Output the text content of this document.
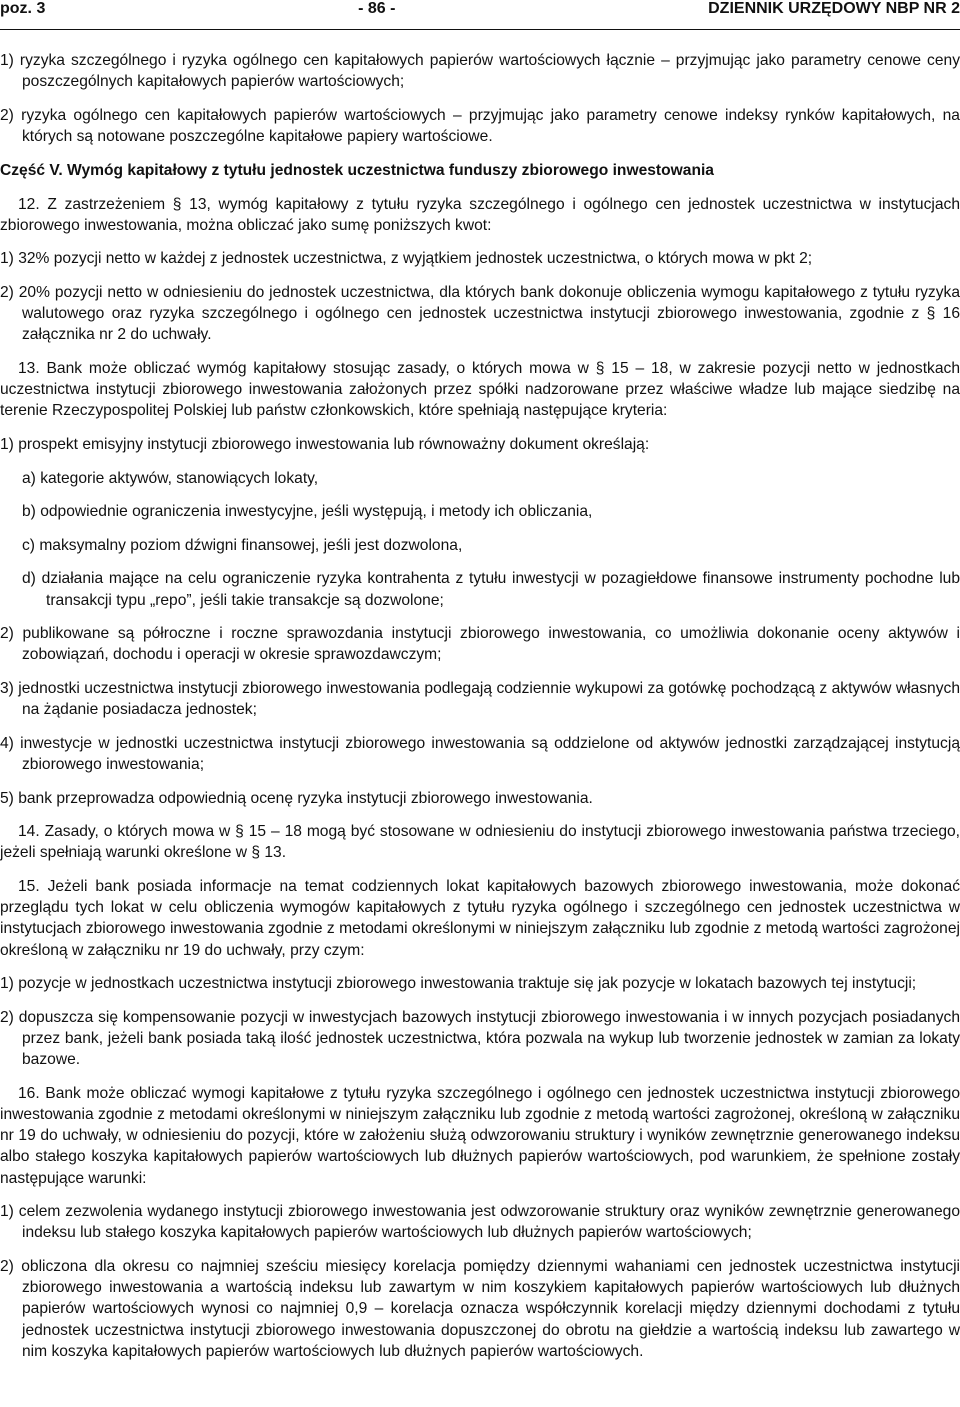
poz. 3	- 86 -	DZIENNIK URZĘDOWY NBP NR 2

1) ryzyka szczególnego i ryzyka ogólnego cen kapitałowych papierów wartościowych łącznie – przyjmując jako parametry cenowe ceny poszczególnych kapitałowych papierów wartościowych;

2) ryzyka ogólnego cen kapitałowych papierów wartościowych – przyjmując jako parametry cenowe indeksy rynków kapitałowych, na których są notowane poszczególne kapitałowe papiery wartościowe.

Część V. Wymóg kapitałowy z tytułu jednostek uczestnictwa funduszy zbiorowego inwestowania

12. Z zastrzeżeniem § 13, wymóg kapitałowy z tytułu ryzyka szczególnego i ogólnego cen jednostek uczestnictwa w instytucjach zbiorowego inwestowania, można obliczać jako sumę poniższych kwot:

1) 32% pozycji netto w każdej z jednostek uczestnictwa, z wyjątkiem jednostek uczestnictwa, o których mowa w pkt 2;

2) 20% pozycji netto w odniesieniu do jednostek uczestnictwa, dla których bank dokonuje obliczenia wymogu kapitałowego z tytułu ryzyka walutowego oraz ryzyka szczególnego i ogólnego cen jednostek uczestnictwa instytucji zbiorowego inwestowania, zgodnie z § 16 załącznika nr 2 do uchwały.

13. Bank może obliczać wymóg kapitałowy stosując zasady, o których mowa w § 15 – 18, w zakresie pozycji netto w jednostkach uczestnictwa instytucji zbiorowego inwestowania założonych przez spółki nadzorowane przez właściwe władze lub mające siedzibę na terenie Rzeczypospolitej Polskiej lub państw członkowskich, które spełniają następujące kryteria:

1) prospekt emisyjny instytucji zbiorowego inwestowania lub równoważny dokument określają:

a) kategorie aktywów, stanowiących lokaty,

b) odpowiednie ograniczenia inwestycyjne, jeśli występują, i metody ich obliczania,

c) maksymalny poziom dźwigni finansowej, jeśli jest dozwolona,

d) działania mające na celu ograniczenie ryzyka kontrahenta z tytułu inwestycji w pozagiełdowe finansowe instrumenty pochodne lub transakcji typu „repo”, jeśli takie transakcje są dozwolone;

2) publikowane są półroczne i roczne sprawozdania instytucji zbiorowego inwestowania, co umożliwia dokonanie oceny aktywów i zobowiązań, dochodu i operacji w okresie sprawozdawczym;

3) jednostki uczestnictwa instytucji zbiorowego inwestowania podlegają codziennie wykupowi za gotówkę pochodzącą z aktywów własnych na żądanie posiadacza jednostek;

4) inwestycje w jednostki uczestnictwa instytucji zbiorowego inwestowania są oddzielone od aktywów jednostki zarządzającej instytucją zbiorowego inwestowania;

5) bank przeprowadza odpowiednią ocenę ryzyka instytucji zbiorowego inwestowania.

14. Zasady, o których mowa w § 15 – 18 mogą być stosowane w odniesieniu do instytucji zbiorowego inwestowania państwa trzeciego, jeżeli spełniają warunki określone w § 13.

15. Jeżeli bank posiada informacje na temat codziennych lokat kapitałowych bazowych zbiorowego inwestowania, może dokonać przeglądu tych lokat w celu obliczenia wymogów kapitałowych z tytułu ryzyka ogólnego i szczególnego cen jednostek uczestnictwa w instytucjach zbiorowego inwestowania zgodnie z metodami określonymi w niniejszym załączniku lub zgodnie z metodą wartości zagrożonej określoną w załączniku nr 19 do uchwały, przy czym:

1) pozycje w jednostkach uczestnictwa instytucji zbiorowego inwestowania traktuje się jak pozycje w lokatach bazowych tej instytucji;

2) dopuszcza się kompensowanie pozycji w inwestycjach bazowych instytucji zbiorowego inwestowania i w innych pozycjach posiadanych przez bank, jeżeli bank posiada taką ilość jednostek uczestnictwa, która pozwala na wykup lub tworzenie jednostek w zamian za lokaty bazowe.

16. Bank może obliczać wymogi kapitałowe z tytułu ryzyka szczególnego i ogólnego cen jednostek uczestnictwa instytucji zbiorowego inwestowania zgodnie z metodami określonymi w niniejszym załączniku lub zgodnie z metodą wartości zagrożonej, określoną w załączniku nr 19 do uchwały, w odniesieniu do pozycji, które w założeniu służą odwzorowaniu struktury i wyników zewnętrznie generowanego indeksu albo stałego koszyka kapitałowych papierów wartościowych lub dłużnych papierów wartościowych, pod warunkiem, że spełnione zostały następujące warunki:

1) celem zezwolenia wydanego instytucji zbiorowego inwestowania jest odwzorowanie struktury oraz wyników zewnętrznie generowanego indeksu lub stałego koszyka kapitałowych papierów wartościowych lub dłużnych papierów wartościowych;

2) obliczona dla okresu co najmniej sześciu miesięcy korelacja pomiędzy dziennymi wahaniami cen jednostek uczestnictwa instytucji zbiorowego inwestowania a wartością indeksu lub zawartym w nim koszykiem kapitałowych papierów wartościowych lub dłużnych papierów wartościowych wynosi co najmniej 0,9 – korelacja oznacza współczynnik korelacji między dziennymi dochodami z tytułu jednostek uczestnictwa instytucji zbiorowego inwestowania dopuszczonej do obrotu na giełdzie a wartością indeksu lub zawartego w nim koszyka kapitałowych papierów wartościowych lub dłużnych papierów wartościowych.
